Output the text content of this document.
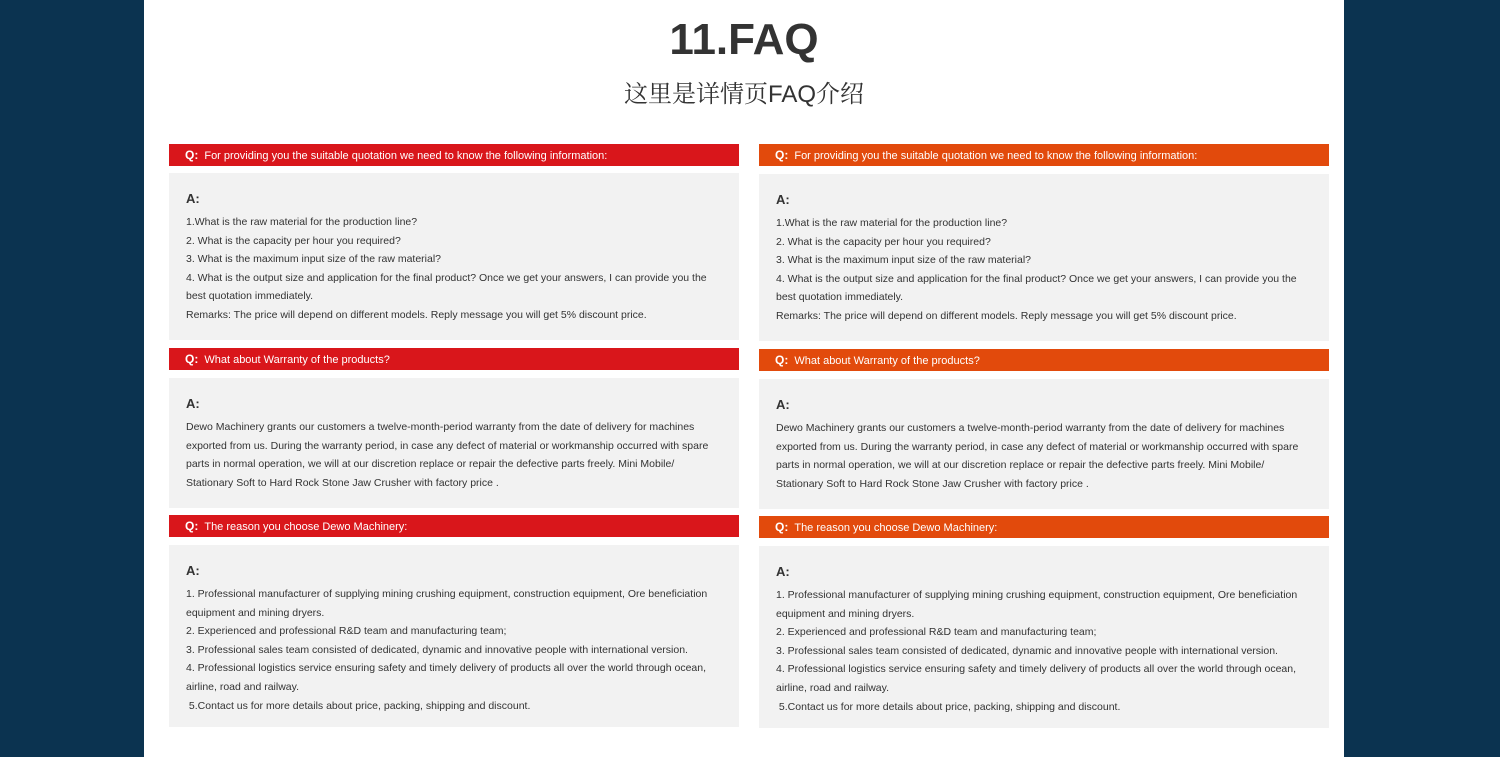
11.FAQ
这里是详情页FAQ介绍
Q: For providing you the suitable quotation we need to know the following information:
A:
1.What is the raw material for the production line?
2. What is the capacity per hour you required?
3. What is the maximum input size of the raw material?
4. What is the output size and application for the final product? Once we get your answers, I can provide you the best quotation immediately.
Remarks: The price will depend on different models. Reply message you will get 5% discount price.
Q: What about Warranty of the products?
A:
Dewo Machinery grants our customers a twelve-month-period warranty from the date of delivery for machines exported from us. During the warranty period, in case any defect of material or workmanship occurred with spare parts in normal operation, we will at our discretion replace or repair the defective parts freely. Mini Mobile/ Stationary Soft to Hard Rock Stone Jaw Crusher with factory price .
Q: The reason you choose Dewo Machinery:
A:
1. Professional manufacturer of supplying mining crushing equipment, construction equipment, Ore beneficiation equipment and mining dryers.
2. Experienced and professional R&D team and manufacturing team;
3. Professional sales team consisted of dedicated, dynamic and innovative people with international version.
4. Professional logistics service ensuring safety and timely delivery of products all over the world through ocean, airline, road and railway.
5.Contact us for more details about price, packing, shipping and discount.
Q: For providing you the suitable quotation we need to know the following information:
A:
1.What is the raw material for the production line?
2. What is the capacity per hour you required?
3. What is the maximum input size of the raw material?
4. What is the output size and application for the final product? Once we get your answers, I can provide you the best quotation immediately.
Remarks: The price will depend on different models. Reply message you will get 5% discount price.
Q: What about Warranty of the products?
A:
Dewo Machinery grants our customers a twelve-month-period warranty from the date of delivery for machines exported from us. During the warranty period, in case any defect of material or workmanship occurred with spare parts in normal operation, we will at our discretion replace or repair the defective parts freely. Mini Mobile/ Stationary Soft to Hard Rock Stone Jaw Crusher with factory price .
Q: The reason you choose Dewo Machinery:
A:
1. Professional manufacturer of supplying mining crushing equipment, construction equipment, Ore beneficiation equipment and mining dryers.
2. Experienced and professional R&D team and manufacturing team;
3. Professional sales team consisted of dedicated, dynamic and innovative people with international version.
4. Professional logistics service ensuring safety and timely delivery of products all over the world through ocean, airline, road and railway.
5.Contact us for more details about price, packing, shipping and discount.
